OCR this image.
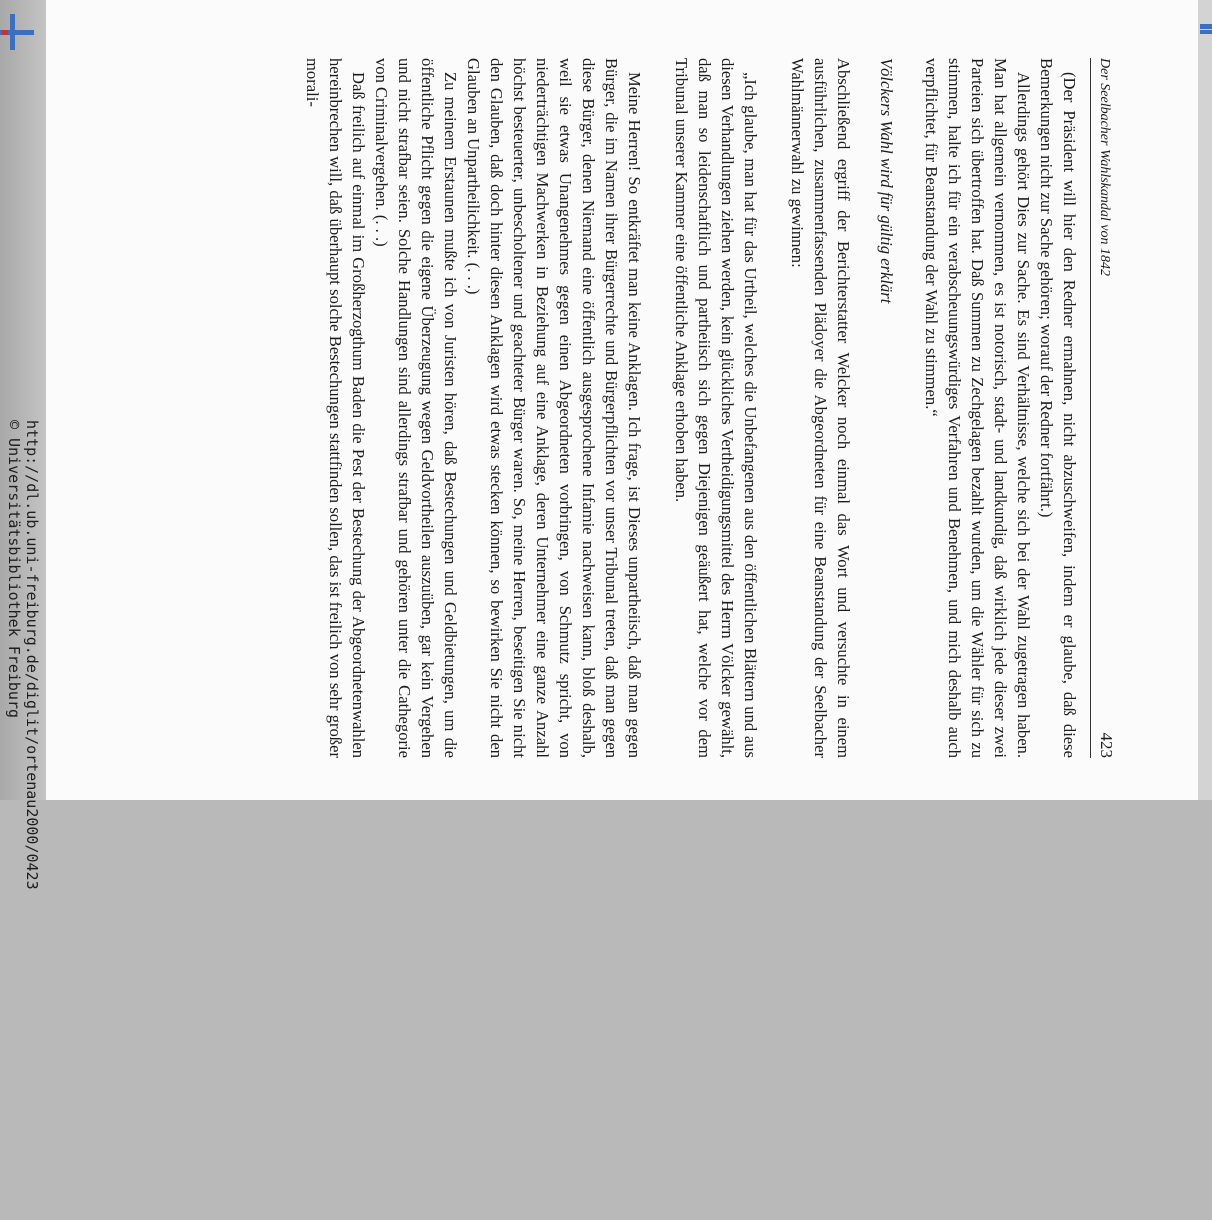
http://dl.ub.uni-freiburg.de/diglit/ortenau2000/0423
© Universitätsbibliothek Freiburg
Der Seelbacher Wahlskandal von 1842
423

(Der Präsident will hier den Redner ermahnen, nicht abzuschweifen, indem er glaube, daß diese Bemerkungen nicht zur Sache gehören; worauf der Redner fortfährt.)

Allerdings gehört Dies zur Sache. Es sind Verhältnisse, welche sich bei der Wahl zugetragen haben. Man hat allgemein vernommen, es ist notorisch, stadt- und landkundig, daß wirklich jede dieser zwei Parteien sich übertroffen hat. Daß Summen zu Zechgelagen bezahlt wurden, um die Wähler für sich zu stimmen, halte ich für ein verabscheuungswürdiges Verfahren und Benehmen, und mich deshalb auch verpflichtet, für Beanstandung der Wahl zu stimmen.“

Völckers Wahl wird für gültig erklärt

Abschließend ergriff der Berichterstatter Welcker noch einmal das Wort und versuchte in einem ausführlichen, zusammenfassenden Plädoyer die Abgeordneten für eine Beanstandung der Seelbacher Wahlmännerwahl zu gewinnen:

„Ich glaube, man hat für das Urtheil, welches die Unbefangenen aus den öffentlichen Blättern und aus diesen Verhandlungen ziehen werden, kein glückliches Vertheidigungsmittel des Herrn Völcker gewählt, daß man so leidenschaftlich und partheiisch sich gegen Diejenigen geäußert hat, welche vor dem Tribunal unserer Kammer eine öffentliche Anklage erhoben haben.

Meine Herren! So entkräftet man keine Anklagen. Ich frage, ist Dieses unpartheiisch, daß man gegen Bürger, die im Namen ihrer Bürgerrechte und Bürgerpflichten vor unser Tribunal treten, daß man gegen diese Bürger, denen Niemand eine öffentlich ausgesprochene Infamie nachweisen kann, bloß deshalb, weil sie etwas Unangenehmes gegen einen Abgeordneten vorbringen, von Schmutz spricht, von niederträchtigen Machwerken in Beziehung auf eine Anklage, deren Unternehmer eine ganze Anzahl höchst besteuerter, unbescholtener und geachteter Bürger waren. So, meine Herren, beseitigen Sie nicht den Glauben, daß doch hinter diesen Anklagen wird etwas stecken können, so bewirken Sie nicht den Glauben an Unpartheilichkeit. (. . .)

Zu meinem Erstaunen mußte ich von Juristen hören, daß Bestechungen und Geldbietungen, um die öffentliche Pflicht gegen die eigene Überzeugung wegen Geldvortheilen auszuüben, gar kein Vergehen und nicht strafbar seien. Solche Handlungen sind allerdings strafbar und gehören unter die Cathegorie von Criminalvergehen. (. . .)

Daß freilich auf einmal im Großherzogthum Baden die Pest der Bestechung der Abgeordnetenwahlen hereinbrechen will, daß überhaupt solche Bestechungen stattfinden sollen, das ist freilich von sehr großer morali-
